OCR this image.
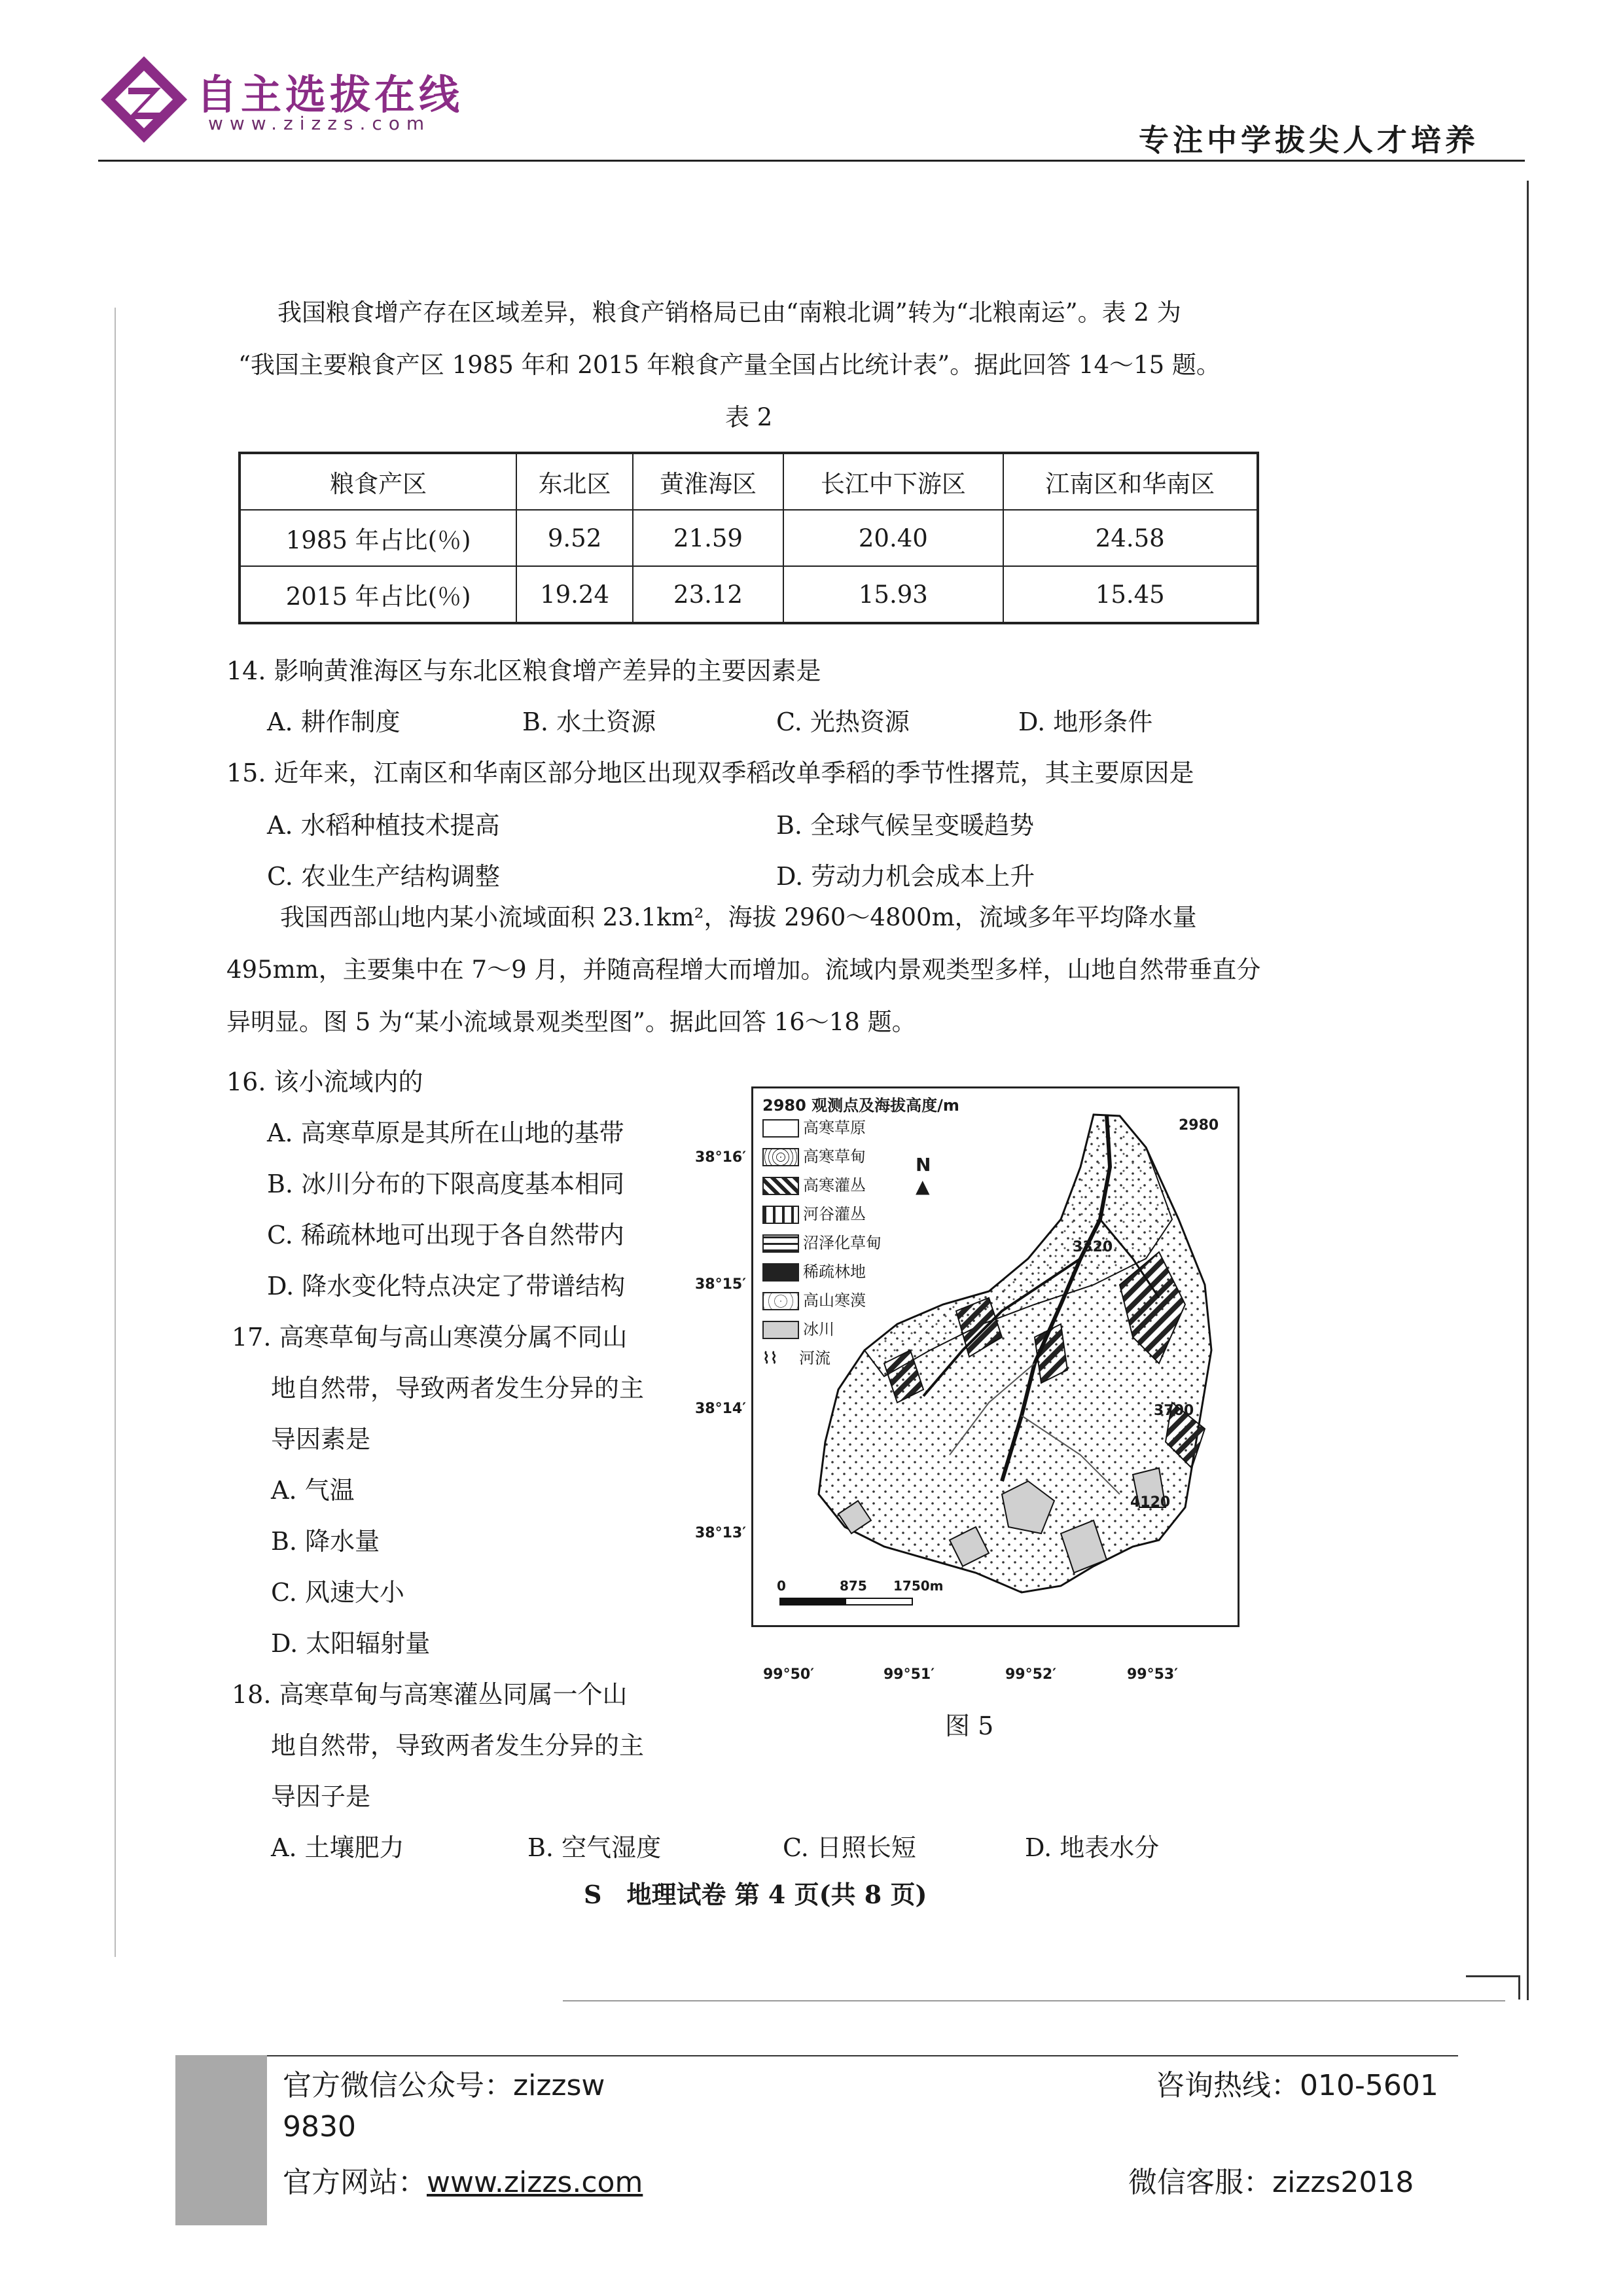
自主选拔在线
www.zizzs.com	专注中学拔尖人才培养
我国粮食增产存在区域差异，粮食产销格局已由“南粮北调”转为“北粮南运”。表 2 为
“我国主要粮食产区 1985 年和 2015 年粮食产量全国占比统计表”。据此回答 14～15 题。
表 2
粮食产区	东北区	黄淮海区	长江中下游区	江南区和华南区
1985 年占比(％)	9.52	21.59	20.40	24.58
2015 年占比(％)	19.24	23.12	15.93	15.45
14. 影响黄淮海区与东北区粮食增产差异的主要因素是
A. 耕作制度	B. 水土资源	C. 光热资源	D. 地形条件
15. 近年来，江南区和华南区部分地区出现双季稻改单季稻的季节性撂荒，其主要原因是
A. 水稻种植技术提高	B. 全球气候呈变暖趋势
C. 农业生产结构调整	D. 劳动力机会成本上升
我国西部山地内某小流域面积 23.1km²，海拔 2960～4800m，流域多年平均降水量
495mm，主要集中在 7～9 月，并随高程增大而增加。流域内景观类型多样，山地自然带垂直分
异明显。图 5 为“某小流域景观类型图”。据此回答 16～18 题。
16. 该小流域内的
A. 高寒草原是其所在山地的基带
B. 冰川分布的下限高度基本相同
C. 稀疏林地可出现于各自然带内
D. 降水变化特点决定了带谱结构
17. 高寒草甸与高山寒漠分属不同山
地自然带，导致两者发生分异的主
导因素是
A. 气温
B. 降水量
C. 风速大小
D. 太阳辐射量
18. 高寒草甸与高寒灌丛同属一个山
地自然带，导致两者发生分异的主
导因子是
A. 土壤肥力	B. 空气湿度	C. 日照长短	D. 地表水分
2980 观测点及海拔高度/m
高寒草原
高寒草甸
高寒灌丛
河谷灌丛
沼泽化草甸
稀疏林地
高山寒漠
冰川
⌇⌇ 河流
N
▲
2980
3320
3700
4120
0	875 1750m
38°16′
38°15′
38°14′
38°13′
99°50′	99°51′	99°52′	99°53′
图 5
S　地理试卷 第 4 页(共 8 页)
官方微信公众号：zizzsw
9830
官方网站：www.zizzs.com
咨询热线：010-5601
微信客服：zizzs2018
